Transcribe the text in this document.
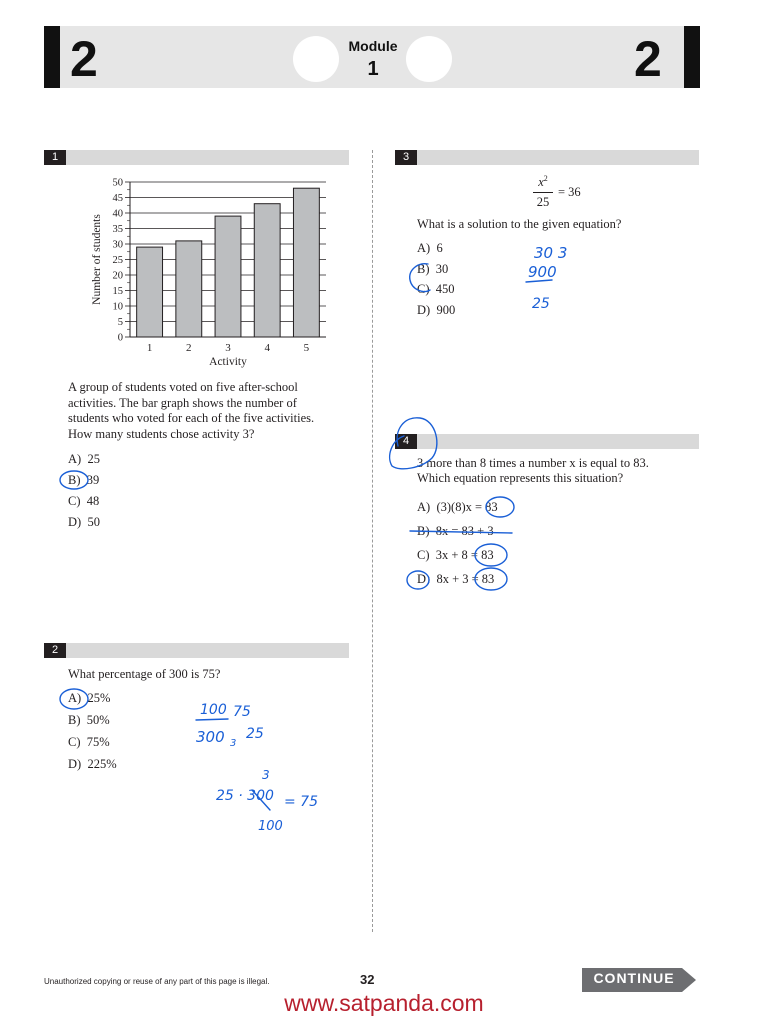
2	2
Module
1
1
0
5
10
15
20
25
30
35
40
45
50
1	2	3	4	5
Activity
Number of students
A group of students voted on five after-school activities. The bar graph shows the number of students who voted for each of the five activities. How many students chose activity 3?
A) 25
B) 39
C) 48
D) 50
2
What percentage of 300 is 75?
A) 25%
B) 50%
C) 75%
D) 225%
3
$x^2$
25
= 36
What is a solution to the given equation?
A) 6
B) 30
C) 450
D) 900
4
3 more than 8 times a number x is equal to 83.
Which equation represents this situation?
A) (3)(8)x = 83
B) 8x = 83 + 3
C) 3x + 8 = 83
D) 8x + 3 = 83
100 75
300 3
25
3
25 · 300 = 75
100
30 3
900
25
Unauthorized copying or reuse of any part of this page is illegal.	32	CONTINUE
www.satpanda.com
